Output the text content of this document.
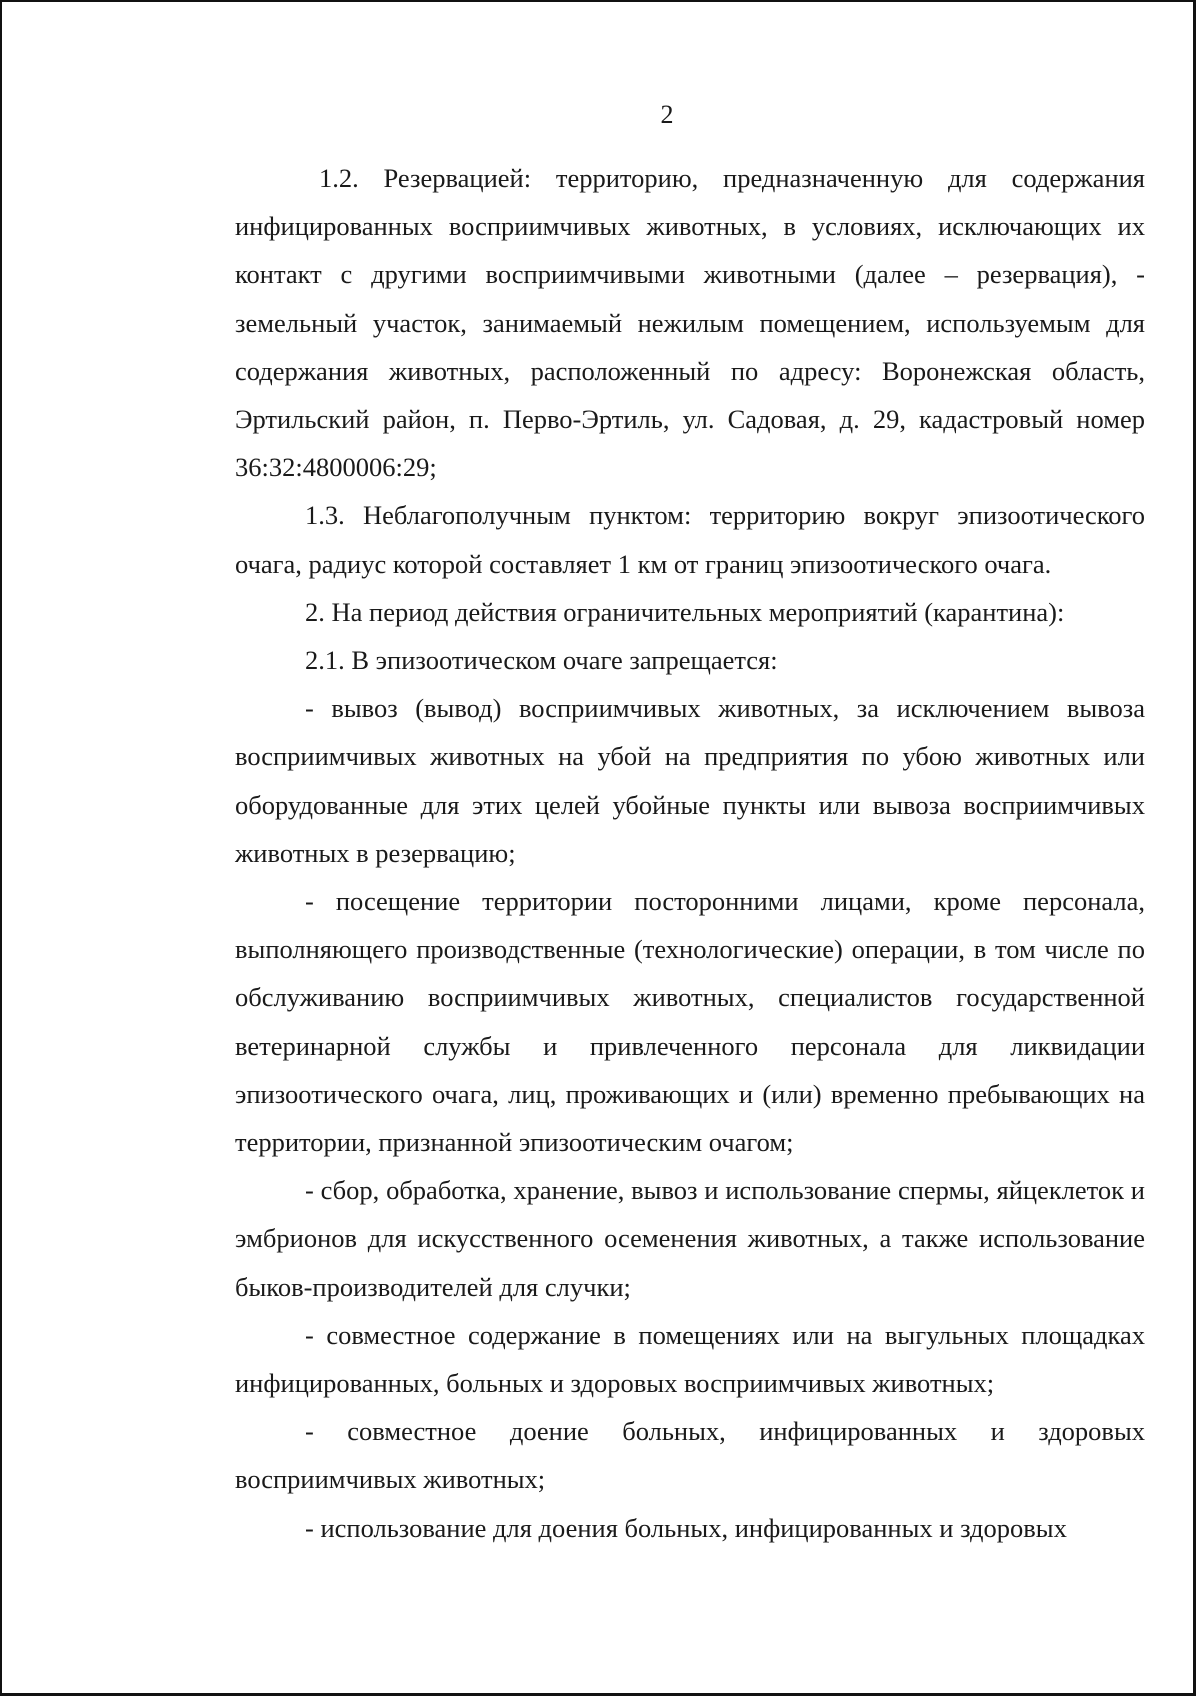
2

1.2. Резервацией: территорию, предназначенную для содержания инфицированных восприимчивых животных, в условиях, исключающих их контакт с другими восприимчивыми животными (далее – резервация), - земельный участок, занимаемый нежилым помещением, используемым для содержания животных, расположенный по адресу: Воронежская область, Эртильский район, п. Перво-Эртиль, ул. Садовая, д. 29, кадастровый номер 36:32:4800006:29;

1.3. Неблагополучным пунктом: территорию вокруг эпизоотического очага, радиус которой составляет 1 км от границ эпизоотического очага.

2. На период действия ограничительных мероприятий (карантина):

2.1. В эпизоотическом очаге запрещается:

- вывоз (вывод) восприимчивых животных, за исключением вывоза восприимчивых животных на убой на предприятия по убою животных или оборудованные для этих целей убойные пункты или вывоза восприимчивых животных в резервацию;

- посещение территории посторонними лицами, кроме персонала, выполняющего производственные (технологические) операции, в том числе по обслуживанию восприимчивых животных, специалистов государственной ветеринарной службы и привлеченного персонала для ликвидации эпизоотического очага, лиц, проживающих и (или) временно пребывающих на территории, признанной эпизоотическим очагом;

- сбор, обработка, хранение, вывоз и использование спермы, яйцеклеток и эмбрионов для искусственного осеменения животных, а также использование быков-производителей для случки;

- совместное содержание в помещениях или на выгульных площадках инфицированных, больных и здоровых восприимчивых животных;

- совместное доение больных, инфицированных и здоровых восприимчивых животных;

- использование для доения больных, инфицированных и здоровых
